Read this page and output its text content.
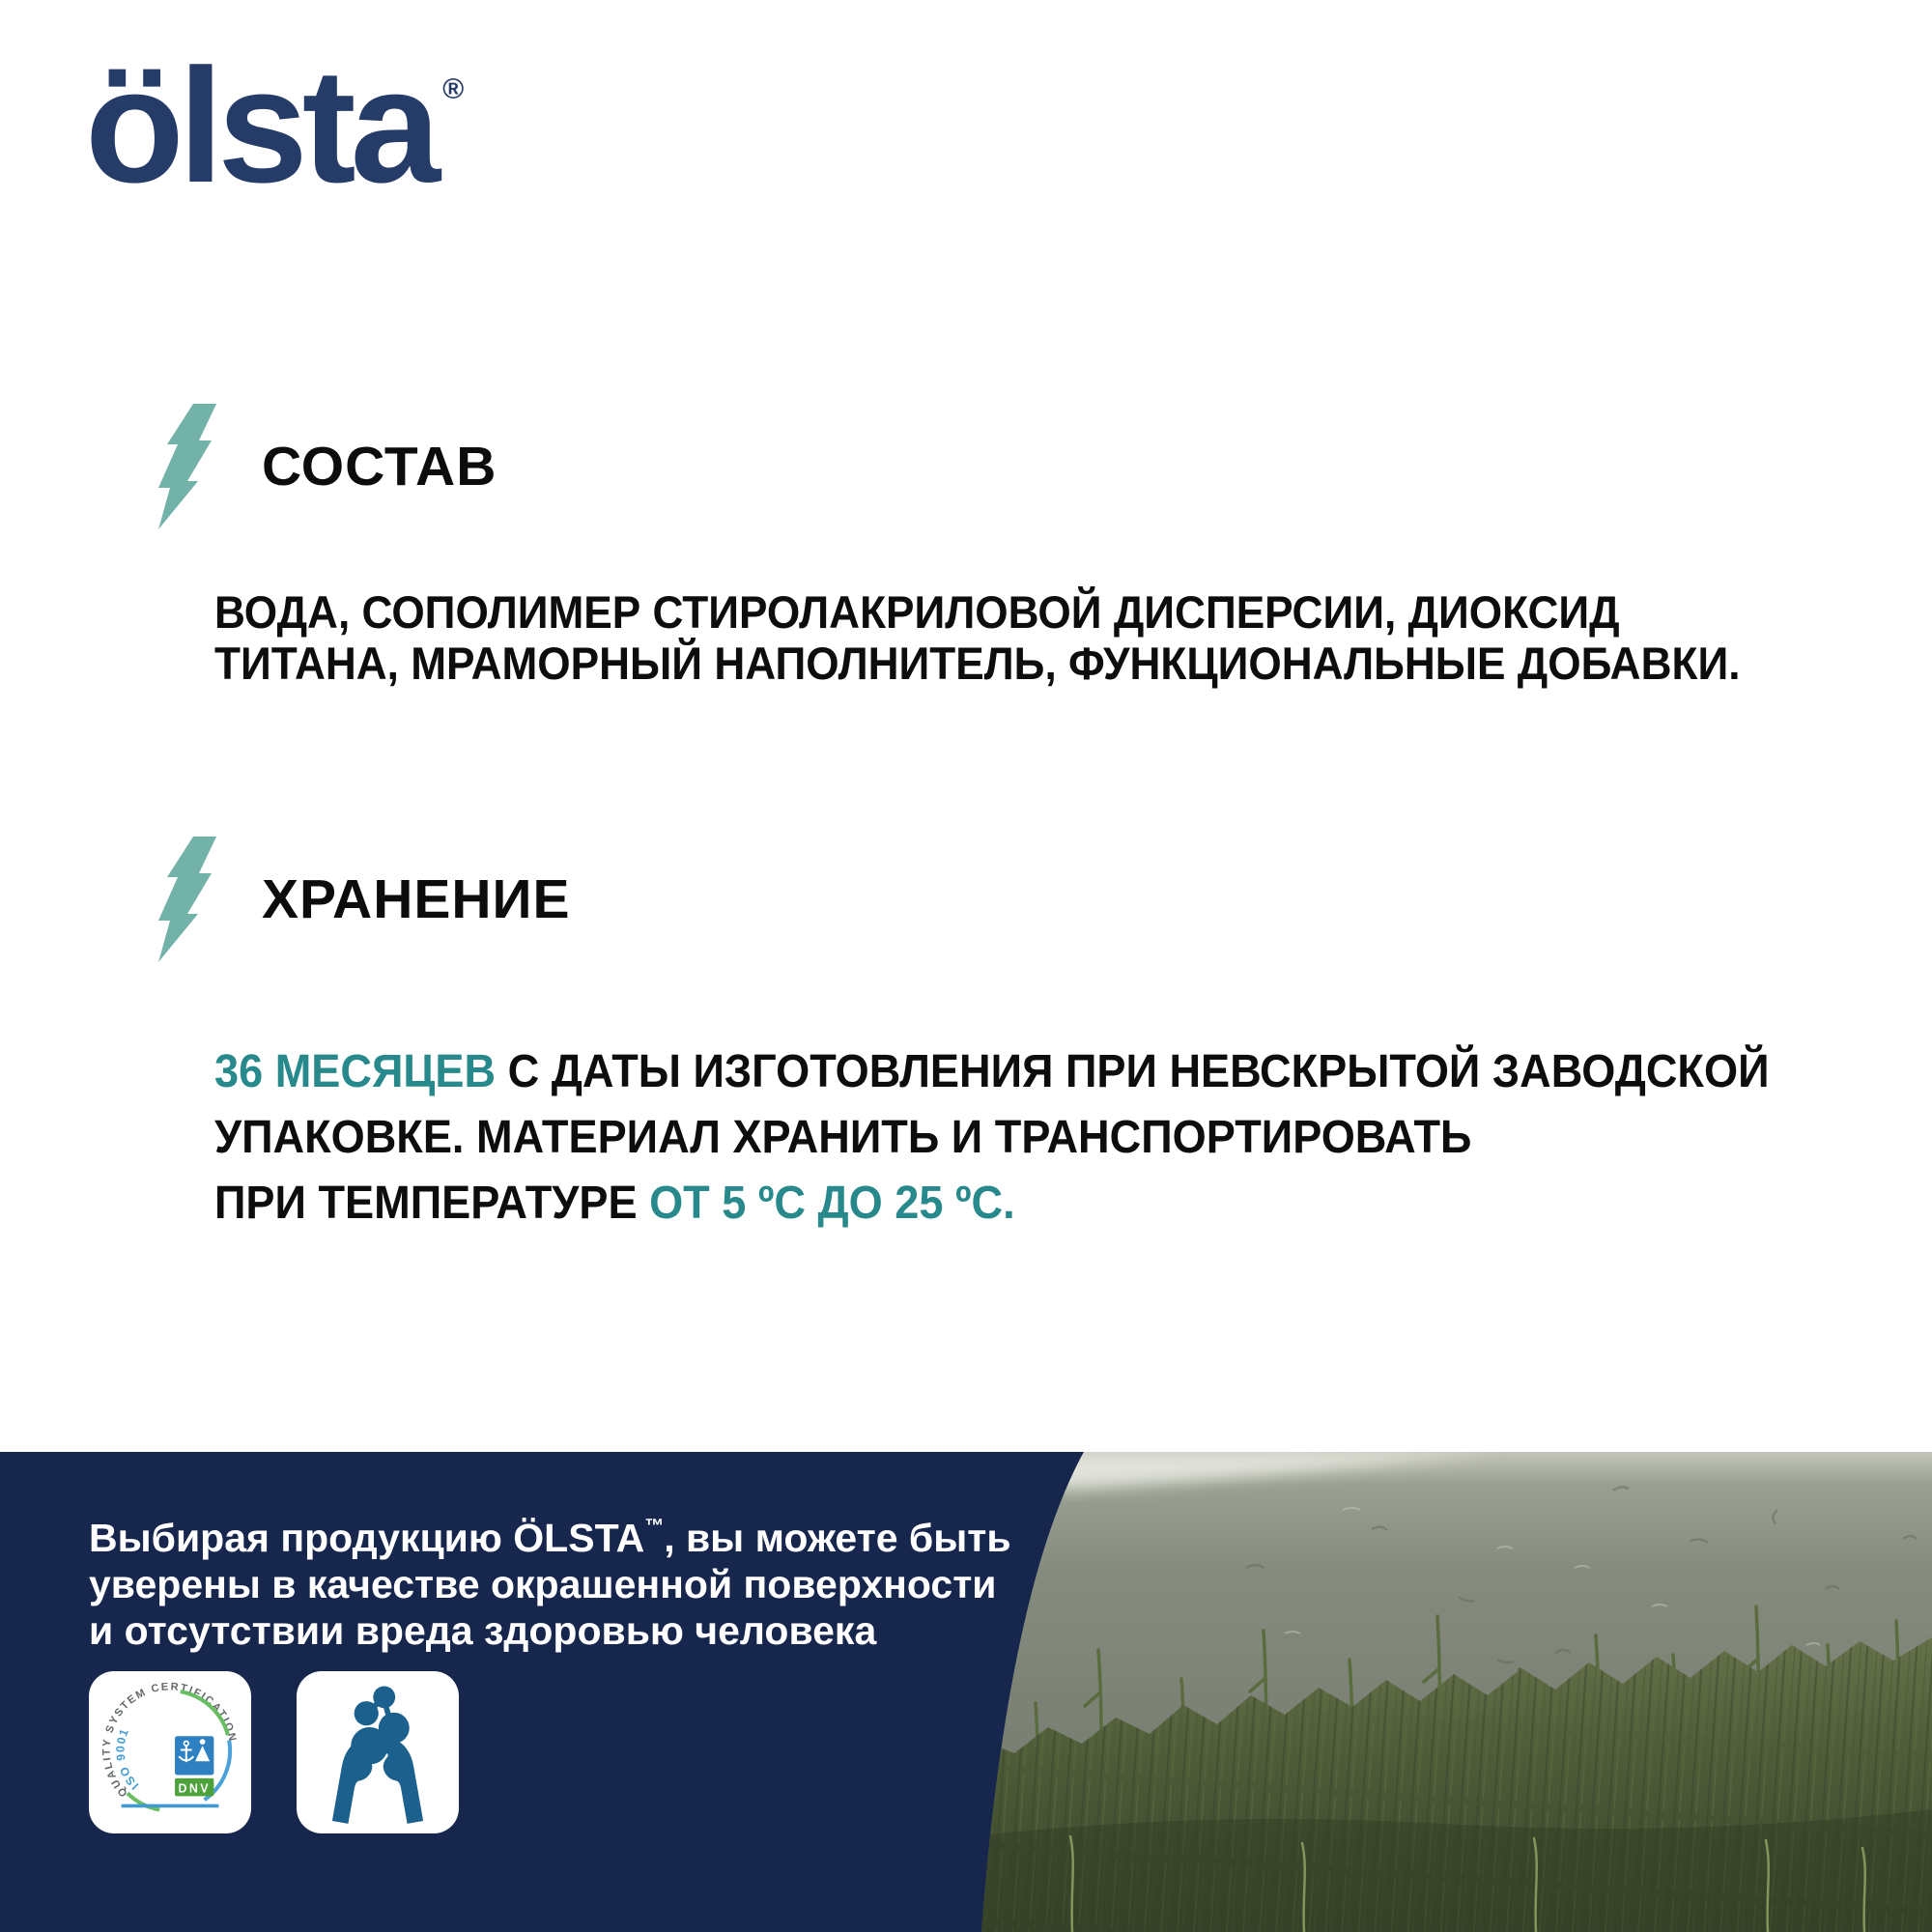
ölsta ®
СОСТАВ
ВОДА, СОПОЛИМЕР СТИРОЛАКРИЛОВОЙ ДИСПЕРСИИ, ДИОКСИД
ТИТАНА, МРАМОРНЫЙ НАПОЛНИТЕЛЬ, ФУНКЦИОНАЛЬНЫЕ ДОБАВКИ.
ХРАНЕНИЕ
36 МЕСЯЦЕВ С ДАТЫ ИЗГОТОВЛЕНИЯ ПРИ НЕВСКРЫТОЙ ЗАВОДСКОЙ
УПАКОВКЕ. МАТЕРИАЛ ХРАНИТЬ И ТРАНСПОРТИРОВАТЬ
ПРИ ТЕМПЕРАТУРЕ ОТ 5 ºС ДО 25 ºС.

Выбирая продукцию ÖLSTA™, вы можете быть
уверены в качестве окрашенной поверхности
и отсутствии вреда здоровью человека

QUALITY SYSTEM CERTIFICATION
ISO 9001
DNV
